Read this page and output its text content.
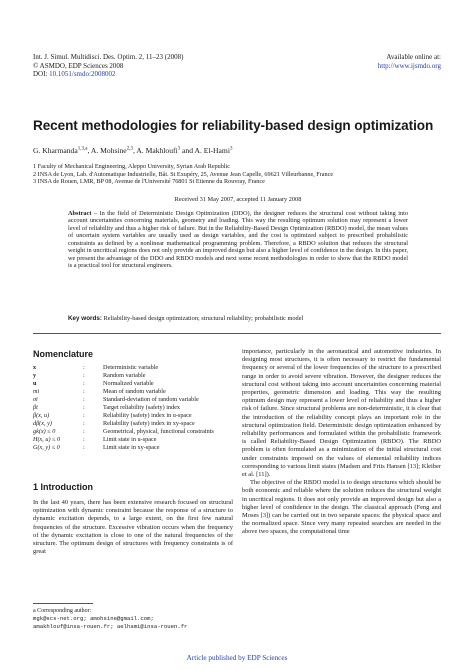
Int. J. Simul. Multidisci. Des. Optim. 2, 11–23 (2008)
© ASMDO, EDP Sciences 2008
DOI: 10.1051/smdo:2008002
Available online at:
http://www.ijsmdo.org
Recent methodologies for reliability-based design optimization
G. Kharmanda$^{1,3,a}$, A. Mohsine$^{2,3}$, A. Makhloufi$^3$ and A. El-Hami$^3$
1 Faculty of Mechanical Engineering, Aleppo University, Syrian Arab Republic
2 INSA de Lyon, Lab. d'Automatique Industrielle, Bât. St Exupéry, 25, Avenue Jean Capelle, 69621 Villeurbanne, France
3 INSA de Rouen, LMR, BP 08, Avenue de l'Université 76801 St Etienne du Rouvray, France
Received 31 May 2007, accepted 11 January 2008
Abstract – In the field of Deterministic Design Optimization (DDO), the designer reduces the structural cost without taking into account uncertainties concerning materials, geometry and loading. This way the resulting optimum solution may represent a lower level of reliability and thus a higher risk of failure. But in the Reliability-Based Design Optimization (RBDO) model, the mean values of uncertain system variables are usually used as design variables, and the cost is optimized subject to prescribed probabilistic constraints as defined by a nonlinear mathematical programming problem. Therefore, a RBDO solution that reduces the structural weight in uncritical regions does not only provide an improved design but also a higher level of confidence in the design. In this paper, we present the advantage of the DDO and RBDO models and next some recent methodologies in order to show that the RBDO model is a practical tool for structural engineers.
Key words: Reliability-based design optimization; structural reliability; probabilistic model
Nomenclature
x	:	Deterministic variable
y	:	Random variable
u	:	Normalized variable
mi	:	Mean of random variable
σi	:	Standard-deviation of random variable
βt	:	Target reliability (safety) index
β(x, u)	:	Reliability (safety) index in u-space
dβ(x, y)	:	Reliability (safety) index in xy-space
gk(x) ≤ 0	:	Geometrical, physical, functional constraints
H(x, u) ≤ 0	:	Limit state in u-space
G(x, y) ≤ 0	:	Limit state in xy-space
1 Introduction

In the last 40 years, there has been extensive research focused on structural optimization with dynamic constraint because the response of a structure to dynamic excitation depends, to a large extent, on the first few natural frequencies of the structure. Excessive vibration occurs when the frequency of the dynamic excitation is close to one of the natural frequencies of the structure. The optimum design of structures with frequency constraints is of great

importance, particularly in the aeronautical and automotive industries. In designing most structures, it is often necessary to restrict the fundamental frequency or several of the lower frequencies of the structure to a prescribed range in order to avoid severe vibration. However, the designer reduces the structural cost without taking into account uncertainties concerning material properties, geometric dimension and loading. This way the resulting optimum design may represent a lower level of reliability and thus a higher risk of failure. Since structural problems are non-deterministic, it is clear that the introduction of the reliability concept plays an important role in the structural optimization field. Deterministic design optimization enhanced by reliability performances and formulated within the probabilistic framework is called Reliability-Based Design Optimization (RBDO). The RBDO problem is often formulated as a minimization of the initial structural cost under constraints imposed on the values of elemental reliability indices corresponding to various limit states (Madsen and Friis Hansen [13]; Kleiber et al. [11]).

The objective of the RBDO model is to design structures which should be both economic and reliable where the solution reduces the structural weight in uncritical regions. It does not only provide an improved design but also a higher level of confidence in the design. The classical approach (Feng and Moses [3]) can be carried out in two separate spaces: the physical space and the normalized space. Since very many repeated searches are needed in the above two spaces, the computational time

a Corresponding author:
mgk@scs-net.org; amohsine@gmail.com;
amakhlouf@insa-rouen.fr; aelhami@insa-rouen.fr
Article published by EDP Sciences
